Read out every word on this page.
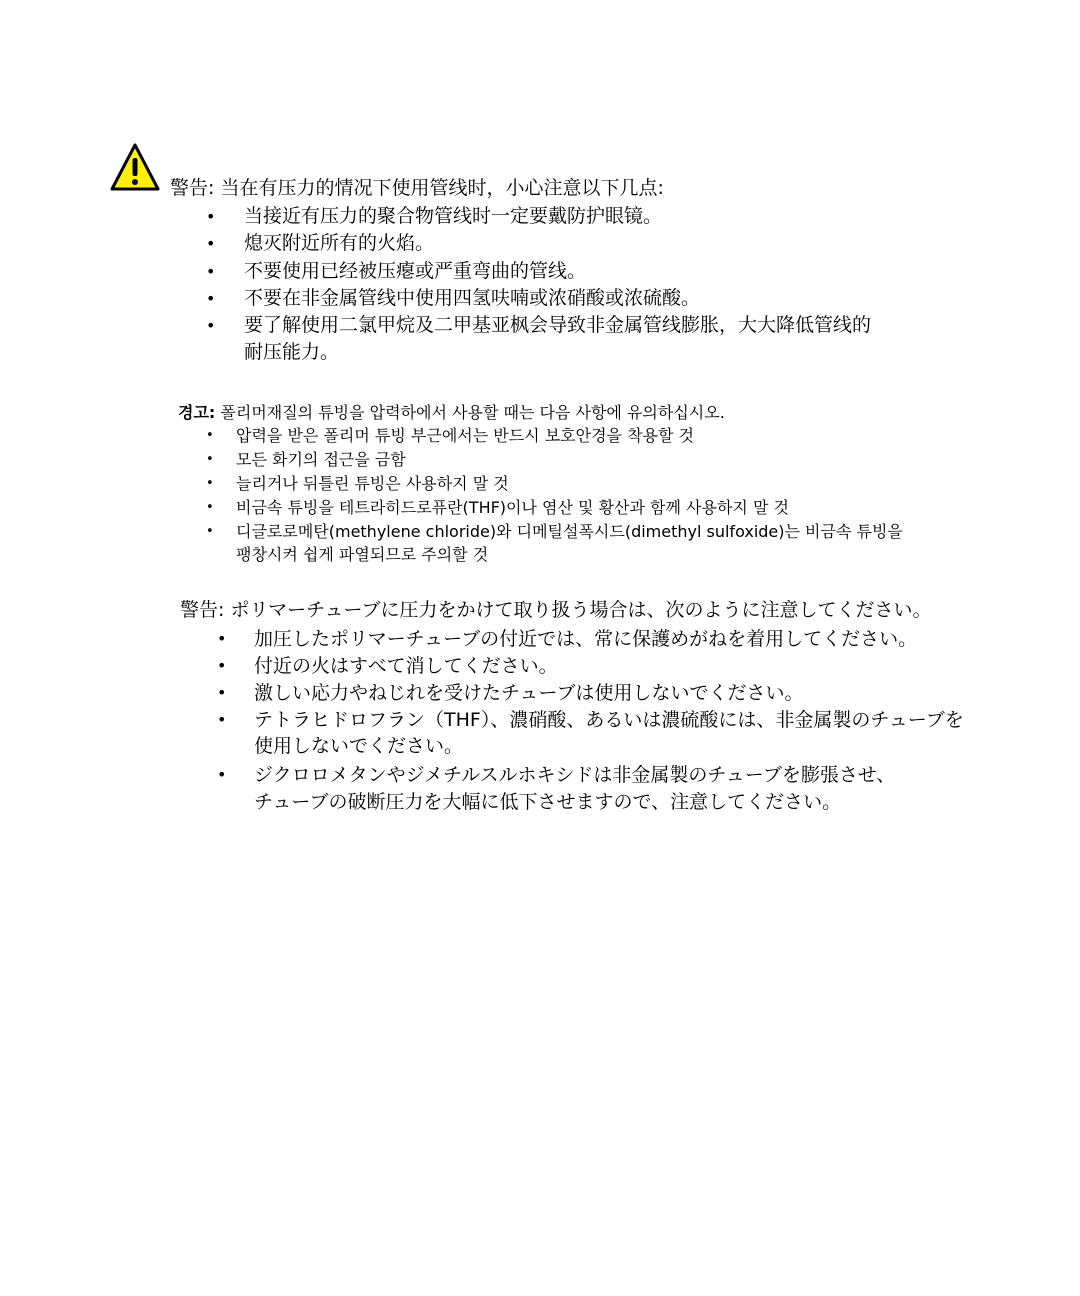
警告: 当在有压力的情况下使用管线时，小心注意以下几点:
• 当接近有压力的聚合物管线时一定要戴防护眼镜。
• 熄灭附近所有的火焰。
• 不要使用已经被压瘪或严重弯曲的管线。
• 不要在非金属管线中使用四氢呋喃或浓硝酸或浓硫酸。
• 要了解使用二氯甲烷及二甲基亚枫会导致非金属管线膨胀，大大降低管线的
耐压能力。
경고: 폴리머재질의 튜빙을 압력하에서 사용할 때는 다음 사항에 유의하십시오.
• 압력을 받은 폴리머 튜빙 부근에서는 반드시 보호안경을 착용할 것
• 모든 화기의 접근을 금함
• 늘리거나 뒤틀린 튜빙은 사용하지 말 것
• 비금속 튜빙을 테트라히드로퓨란(THF)이나 염산 및 황산과 함께 사용하지 말 것
• 디글로로메탄(methylene chloride)와 디메틸설폭시드(dimethyl sulfoxide)는 비금속 튜빙을
팽창시켜 쉽게 파열되므로 주의할 것
警告: ポリマーチューブに圧力をかけて取り扱う場合は、次のように注意してください。
• 加圧したポリマーチューブの付近では、常に保護めがねを着用してください。
• 付近の火はすべて消してください。
• 激しい応力やねじれを受けたチューブは使用しないでください。
• テトラヒドロフラン（THF）、濃硝酸、あるいは濃硫酸には、非金属製のチューブを
使用しないでください。
• ジクロロメタンやジメチルスルホキシドは非金属製のチューブを膨張させ、
チューブの破断圧力を大幅に低下させますので、注意してください。
